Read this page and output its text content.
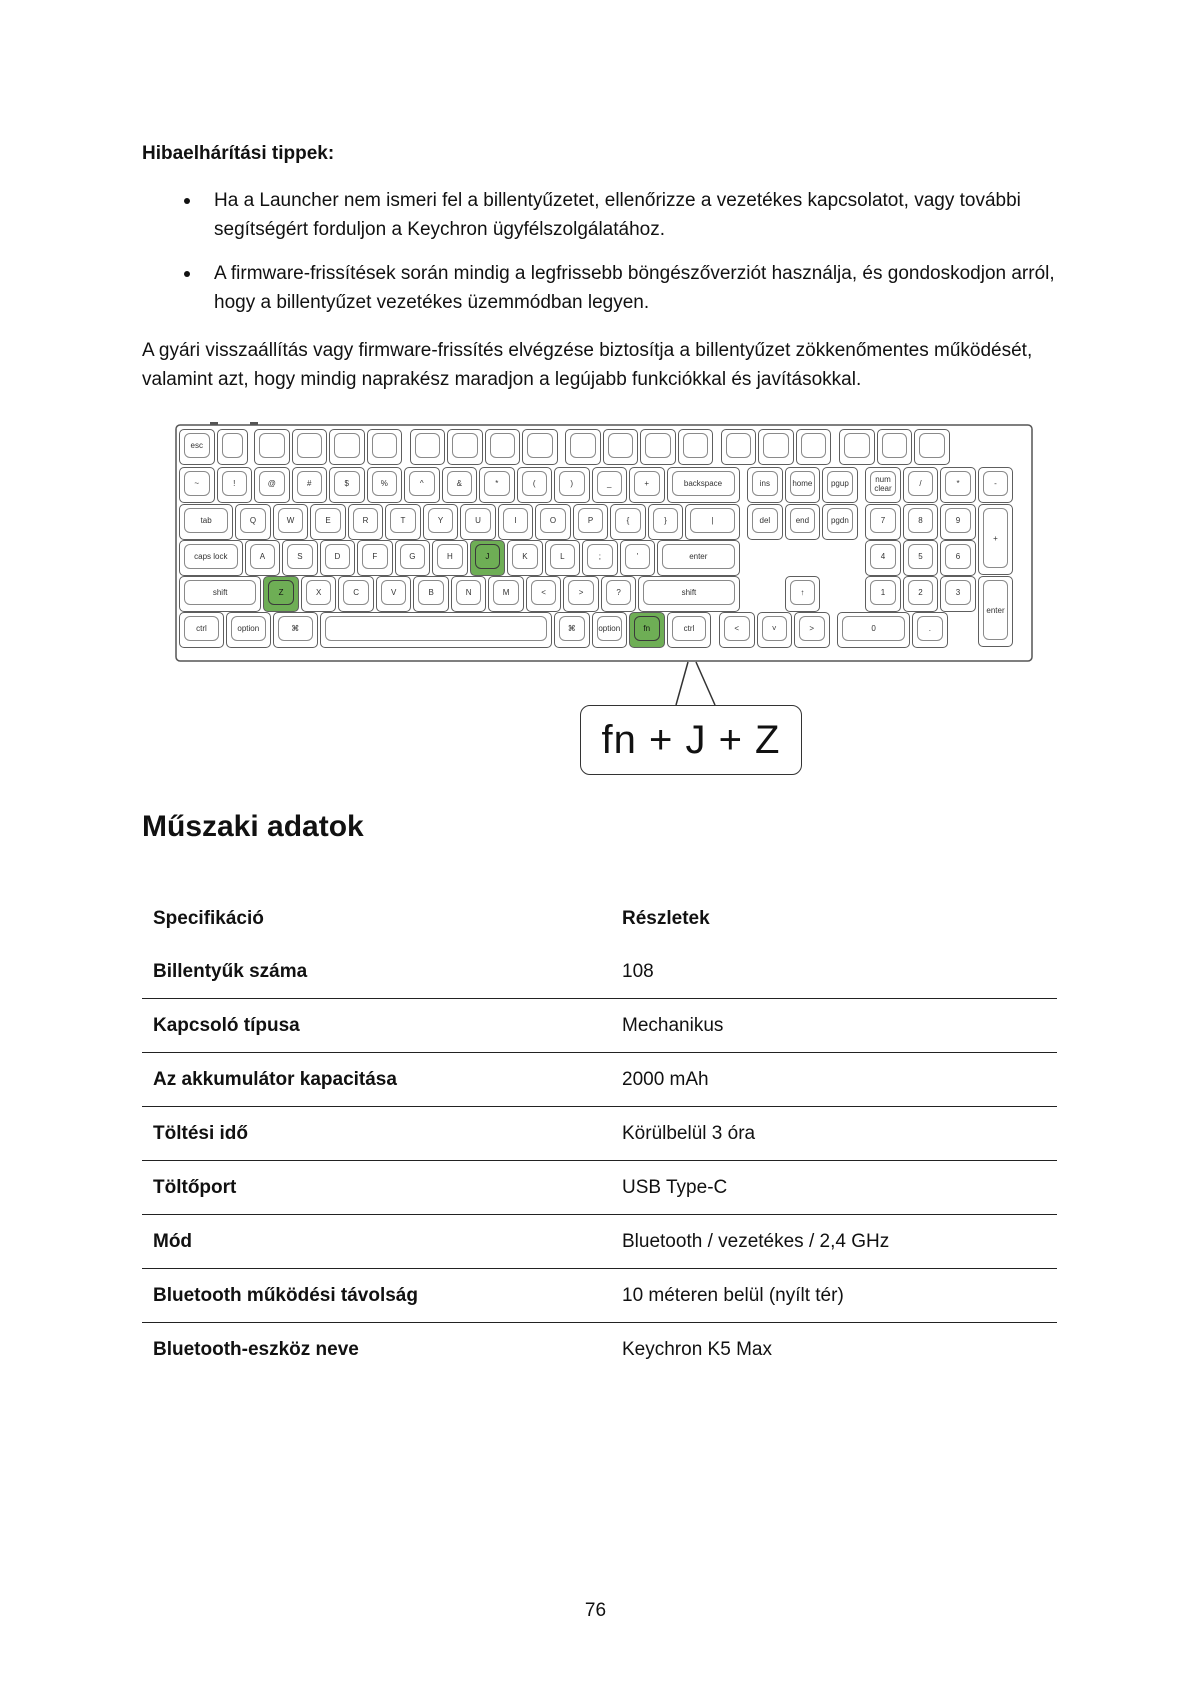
Hibaelhárítási tippek:
Ha a Launcher nem ismeri fel a billentyűzetet, ellenőrizze a vezetékes kapcsolatot, vagy további segítségért forduljon a Keychron ügyfélszolgálatához.
A firmware-frissítések során mindig a legfrissebb böngészőverziót használja, és gondoskodjon arról, hogy a billentyűzet vezetékes üzemmódban legyen.

A gyári visszaállítás vagy firmware-frissítés elvégzése biztosítja a billentyűzet zökkenőmentes működését, valamint azt, hogy mindig naprakész maradjon a legújabb funkciókkal és javításokkal.

esc
~	!	@	#	$	%	^	&	*	(	)	_	+	backspace	ins	home	pgup	num clear	/	*	-
tab	Q	W	E	R	T	Y	U	I	O	P	{	}	|	del	end	pgdn	7	8	9
+
caps lock	A	S	D	F	G	H	J	K	L	;	'	enter	4	5	6
shift	Z	X	C	V	B	N	M	<	>	?	shift	↑	1	2	3
enter
ctrl	option	⌘	⌘	option	fn	ctrl	<	˅	>	0	.
fn + J + Z
Műszaki adatok
Specifikáció	Részletek
Billentyűk száma	108
Kapcsoló típusa	Mechanikus
Az akkumulátor kapacitása	2000 mAh
Töltési idő	Körülbelül 3 óra
Töltőport	USB Type-C
Mód	Bluetooth / vezetékes / 2,4 GHz
Bluetooth működési távolság	10 méteren belül (nyílt tér)
Bluetooth-eszköz neve	Keychron K5 Max
76
